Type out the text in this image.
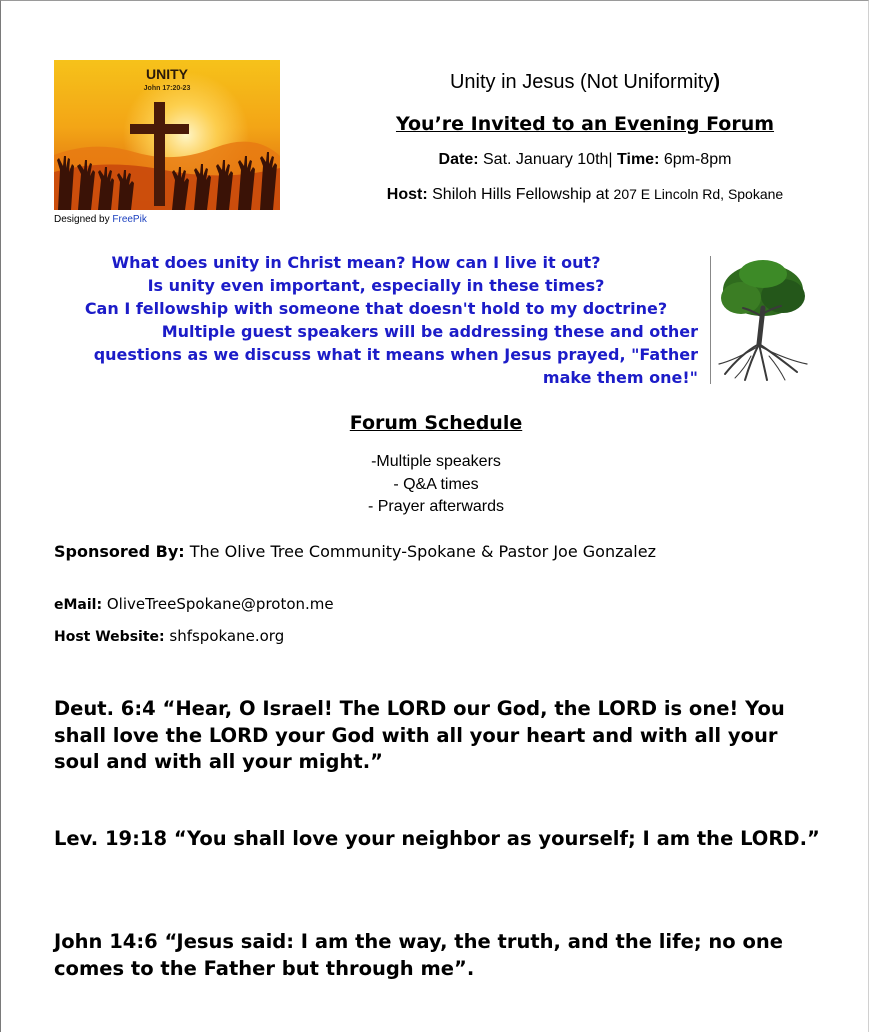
UNITY
John 17:20-23
Designed by FreePik
Unity in Jesus (Not Uniformity)
You’re Invited to an Evening Forum
Date: Sat. January 10th| Time: 6pm-8pm
Host: Shiloh Hills Fellowship at 207 E Lincoln Rd, Spokane
What does unity in Christ mean? How can I live it out?
Is unity even important, especially in these times?
Can I fellowship with someone that doesn't hold to my doctrine?
Multiple guest speakers will be addressing these and other
questions as we discuss what it means when Jesus prayed, "Father
make them one!"
Forum Schedule
-Multiple speakers
- Q&A times
- Prayer afterwards
Sponsored By: The Olive Tree Community-Spokane & Pastor Joe Gonzalez
eMail: OliveTreeSpokane@proton.me
Host Website: shfspokane.org
Deut. 6:4 “Hear, O Israel! The LORD our God, the LORD is one! You shall love the LORD your God with all your heart and with all your soul and with all your might.”
Lev. 19:18 “You shall love your neighbor as yourself; I am the LORD.”
John 14:6 “Jesus said: I am the way, the truth, and the life; no one comes to the Father but through me”.
